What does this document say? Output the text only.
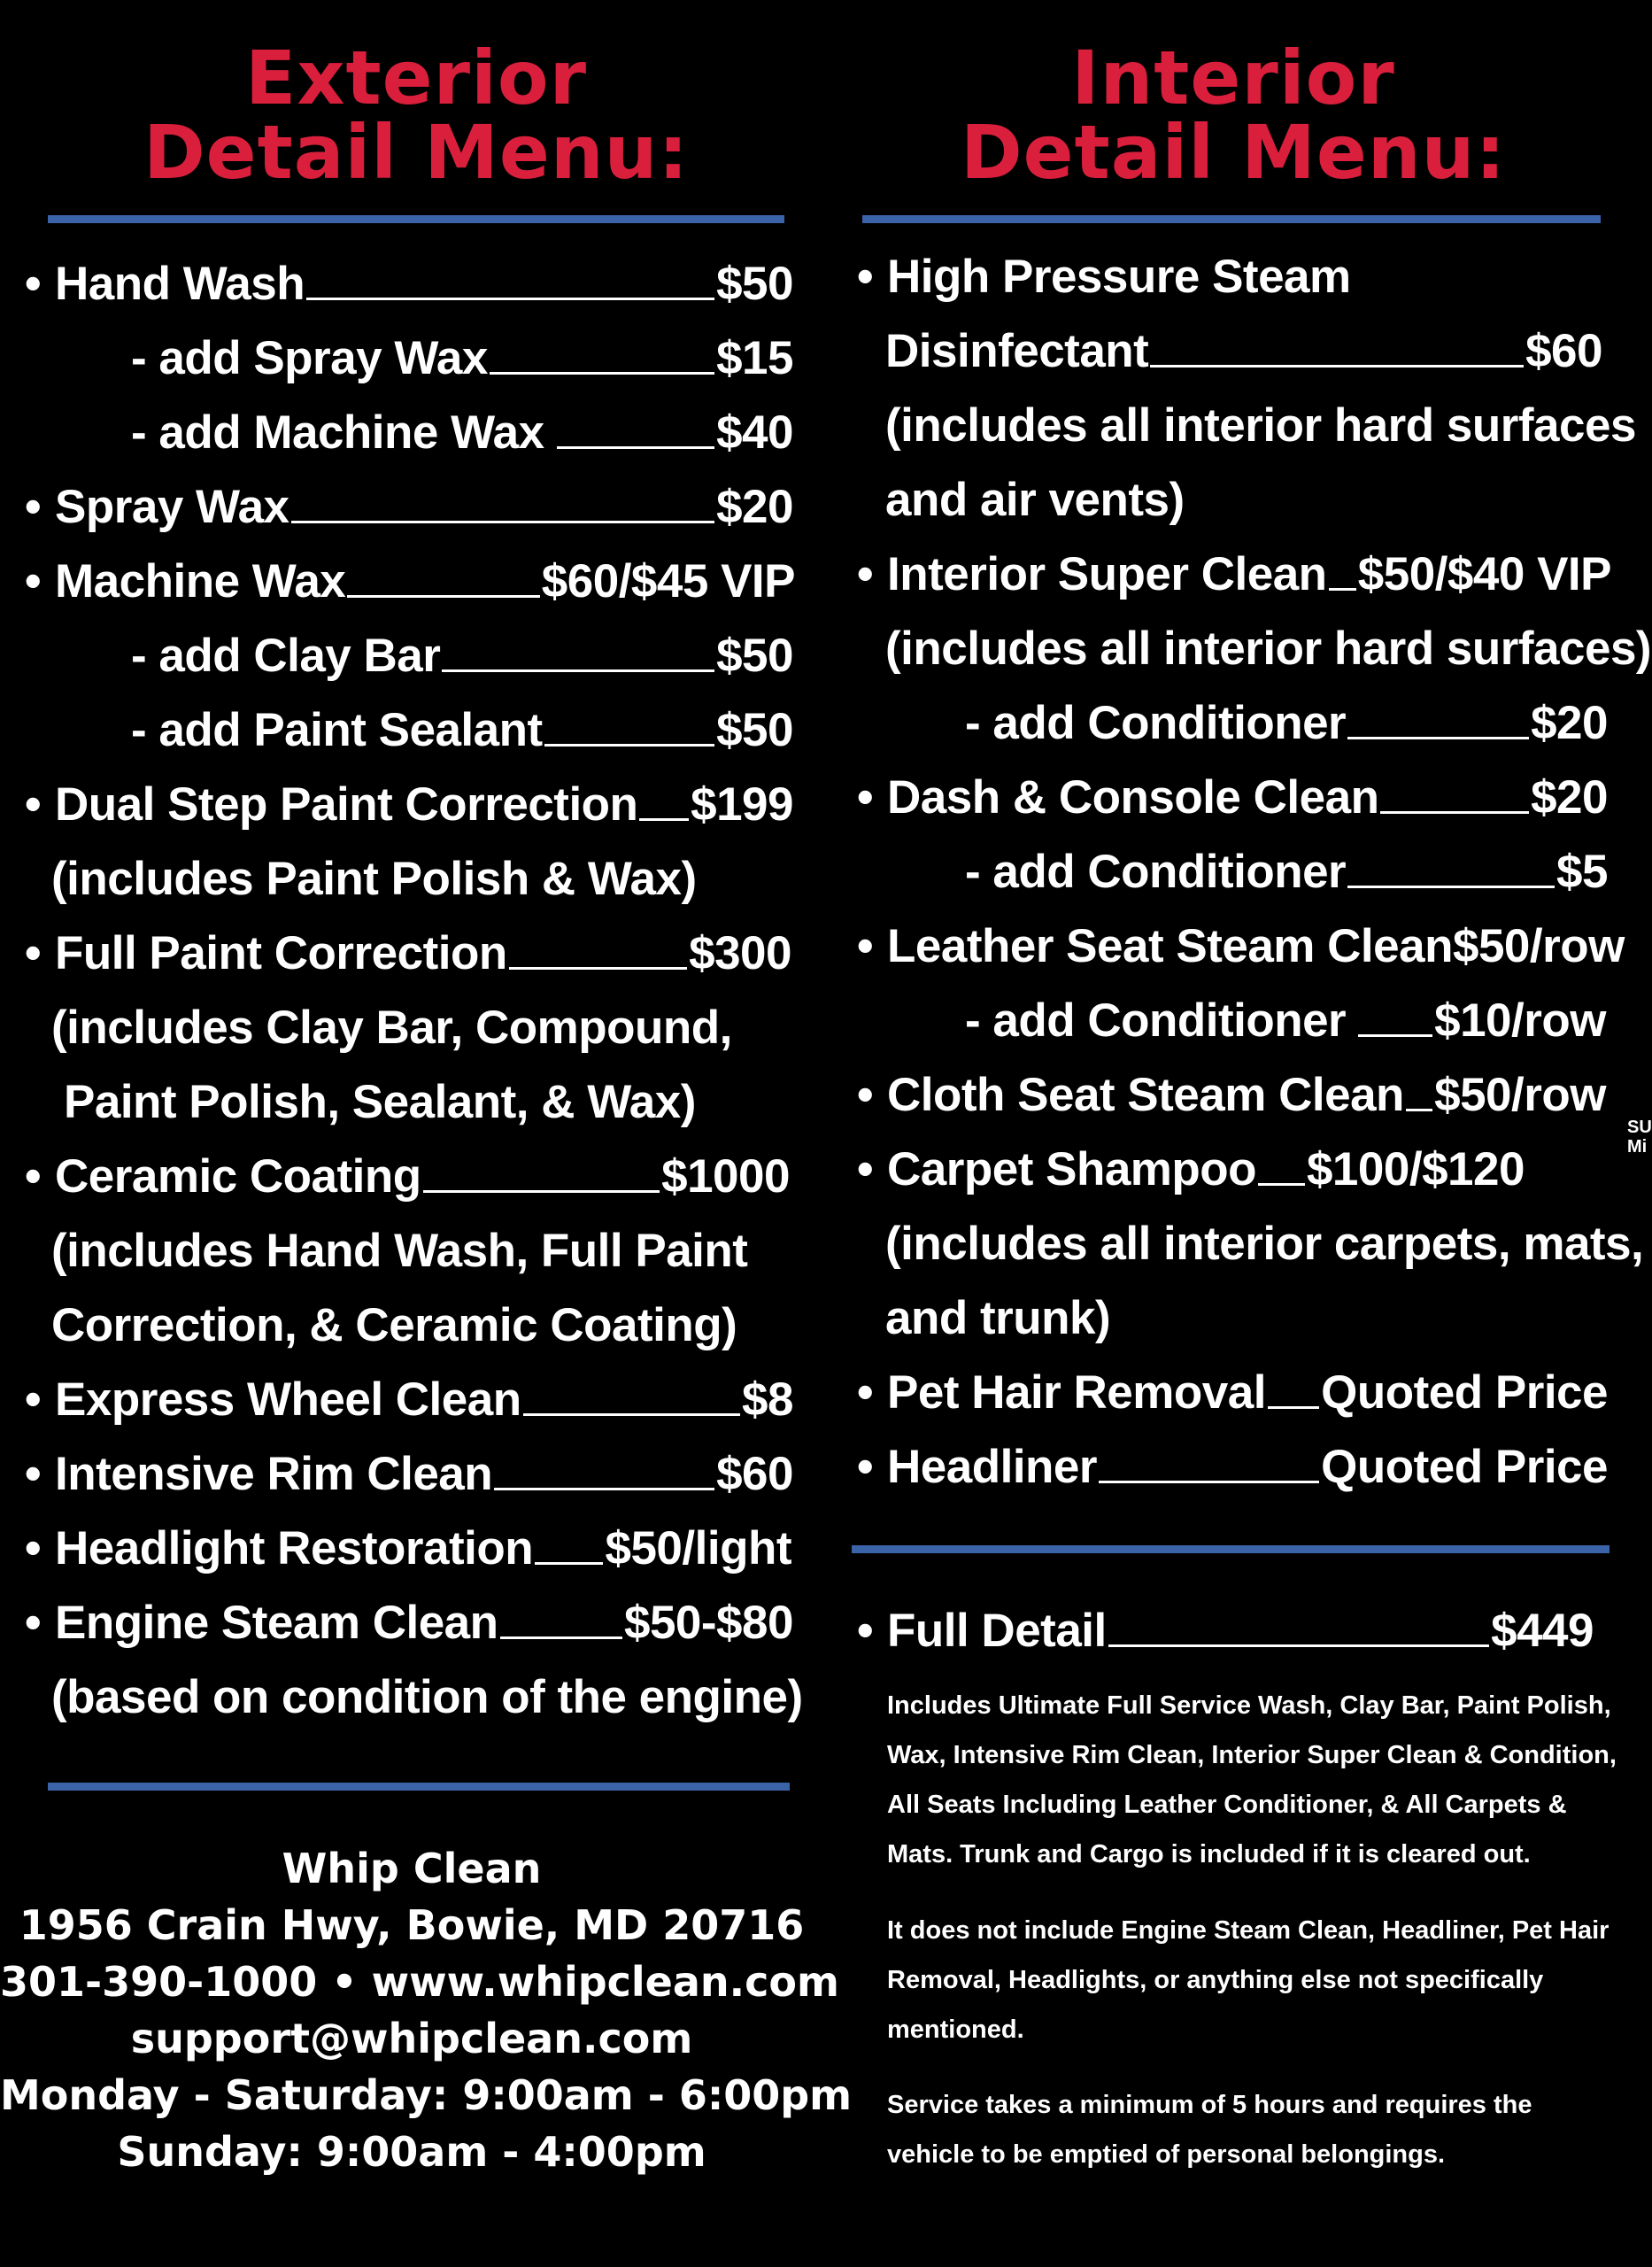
Exterior
Detail Menu:
• Hand Wash	$50
- add Spray Wax	$15
- add Machine Wax	$40
• Spray Wax	$20
• Machine Wax	$60/$45 VIP
- add Clay Bar	$50
- add Paint Sealant	$50
• Dual Step Paint Correction $199
(includes Paint Polish & Wax)
• Full Paint Correction	$300
(includes Clay Bar, Compound,
Paint Polish, Sealant, & Wax)
• Ceramic Coating	$1000
(includes Hand Wash, Full Paint
Correction, & Ceramic Coating)
• Express Wheel Clean	$8
• Intensive Rim Clean	$60
• Headlight Restoration $50/light
• Engine Steam Clean	$50-$80
(based on condition of the engine)
Whip Clean
1956 Crain Hwy, Bowie, MD 20716
301-390-1000 • www.whipclean.com
support@whipclean.com
Monday - Saturday: 9:00am - 6:00pm
Sunday: 9:00am - 4:00pm
Interior
Detail Menu:
• High Pressure Steam
Disinfectant	$60
(includes all interior hard surfaces
and air vents)
• Interior Super Clean $50/$40 VIP
(includes all interior hard surfaces)
- add Conditioner	$20
• Dash & Console Clean	$20
- add Conditioner	$5
• Leather Seat Steam Clean $50/row
- add Conditioner $10/row
• Cloth Seat Steam Clean $50/row
• Carpet Shampoo $100/$120
(includes all interior carpets, mats,
and trunk)
• Pet Hair Removal Quoted Price
• Headliner	Quoted Price
• Full Detail	$449

Includes Ultimate Full Service Wash, Clay Bar, Paint Polish, Wax, Intensive Rim Clean, Interior Super Clean & Condition, All Seats Including Leather Conditioner, & All Carpets & Mats. Trunk and Cargo is included if it is cleared out.

It does not include Engine Steam Clean, Headliner, Pet Hair Removal, Headlights, or anything else not specifically mentioned.

Service takes a minimum of 5 hours and requires the vehicle to be emptied of personal belongings.

SU
Mi
